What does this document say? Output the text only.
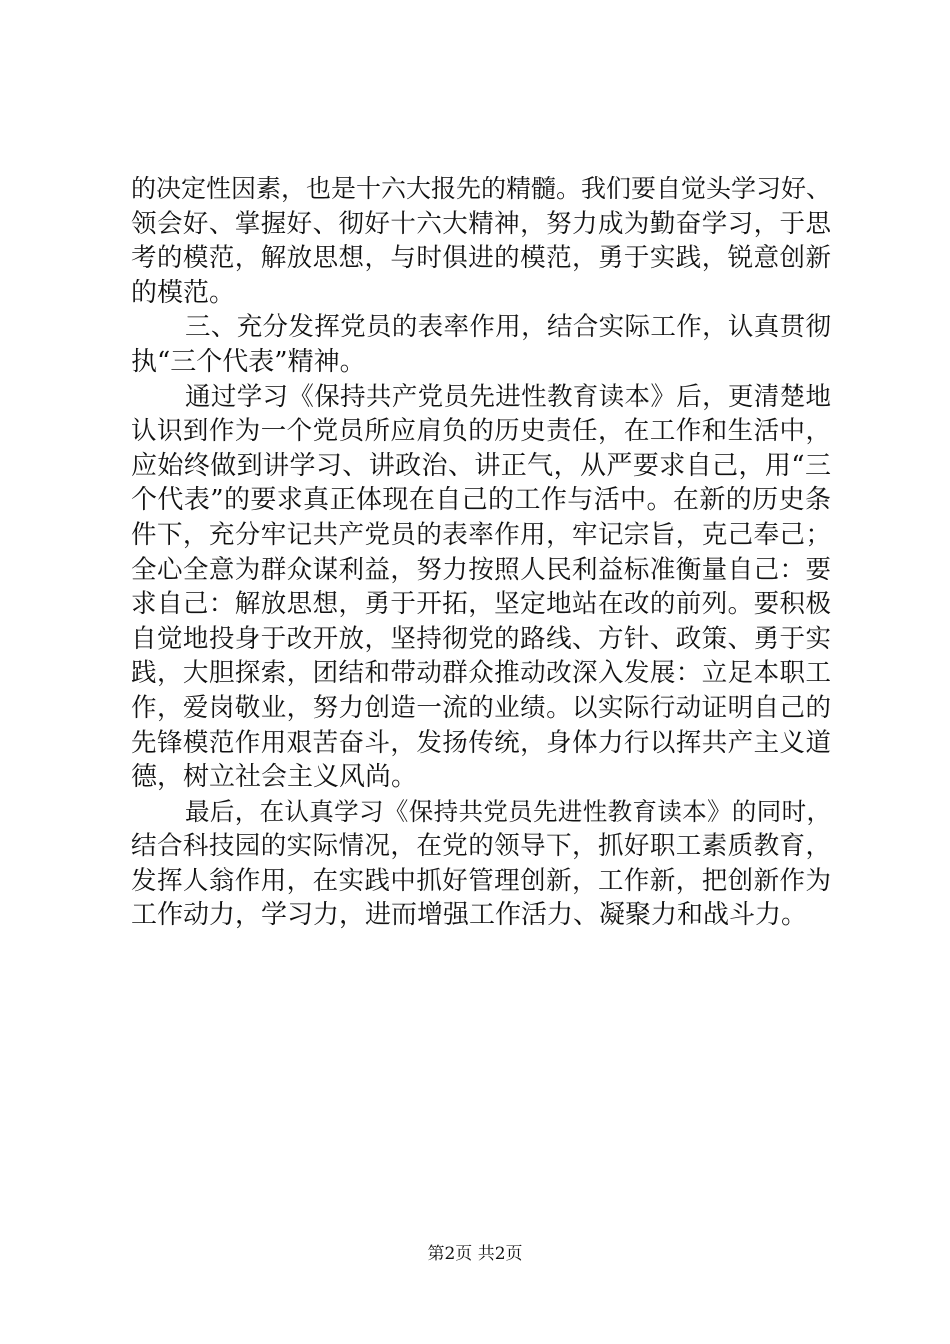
的决定性因素，也是十六大报先的精髓。我们要自觉头学习好、
领会好、掌握好、彻好十六大精神，努力成为勤奋学习，于思
考的模范，解放思想，与时俱进的模范，勇于实践，锐意创新
的模范。
三、充分发挥党员的表率作用，结合实际工作，认真贯彻
执“三个代表”精神。
通过学习《保持共产党员先进性教育读本》后，更清楚地
认识到作为一个党员所应肩负的历史责任，在工作和生活中，
应始终做到讲学习、讲政治、讲正气，从严要求自己，用“三
个代表”的要求真正体现在自己的工作与活中。在新的历史条
件下，充分牢记共产党员的表率作用，牢记宗旨，克己奉己；
全心全意为群众谋利益，努力按照人民利益标准衡量自己：要
求自己：解放思想，勇于开拓，坚定地站在改的前列。要积极
自觉地投身于改开放，坚持彻党的路线、方针、政策、勇于实
践，大胆探索，团结和带动群众推动改深入发展：立足本职工
作，爱岗敬业，努力创造一流的业绩。以实际行动证明自己的
先锋模范作用艰苦奋斗，发扬传统，身体力行以挥共产主义道
德，树立社会主义风尚。
最后，在认真学习《保持共党员先进性教育读本》的同时，
结合科技园的实际情况，在党的领导下，抓好职工素质教育，
发挥人翁作用，在实践中抓好管理创新，工作新，把创新作为
工作动力，学习力，进而增强工作活力、凝聚力和战斗力。
第2页 共2页
